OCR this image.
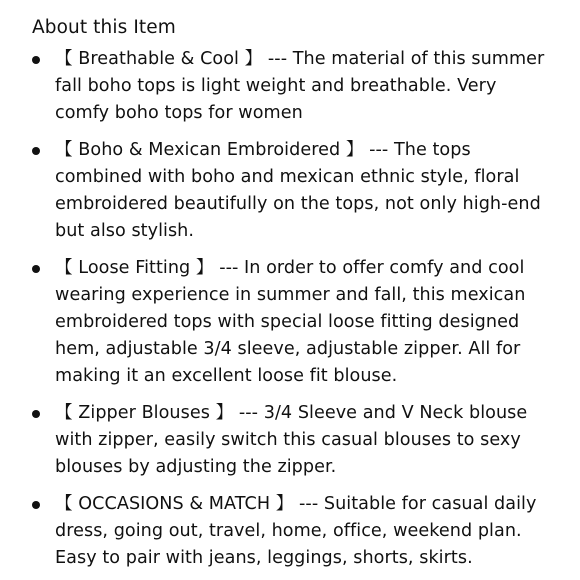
About this Item
【 Breathable & Cool 】 --- The material of this summer fall boho tops is light weight and breathable. Very comfy boho tops for women
【 Boho & Mexican Embroidered 】 --- The tops combined with boho and mexican ethnic style, floral embroidered beautifully on the tops, not only high-end but also stylish.
【 Loose Fitting 】 --- In order to offer comfy and cool wearing experience in summer and fall, this mexican embroidered tops with special loose fitting designed hem, adjustable 3/4 sleeve, adjustable zipper. All for making it an excellent loose fit blouse.
【 Zipper Blouses 】 --- 3/4 Sleeve and V Neck blouse with zipper, easily switch this casual blouses to sexy blouses by adjusting the zipper.
【 OCCASIONS & MATCH 】 --- Suitable for casual daily dress, going out, travel, home, office, weekend plan. Easy to pair with jeans, leggings, shorts, skirts.
